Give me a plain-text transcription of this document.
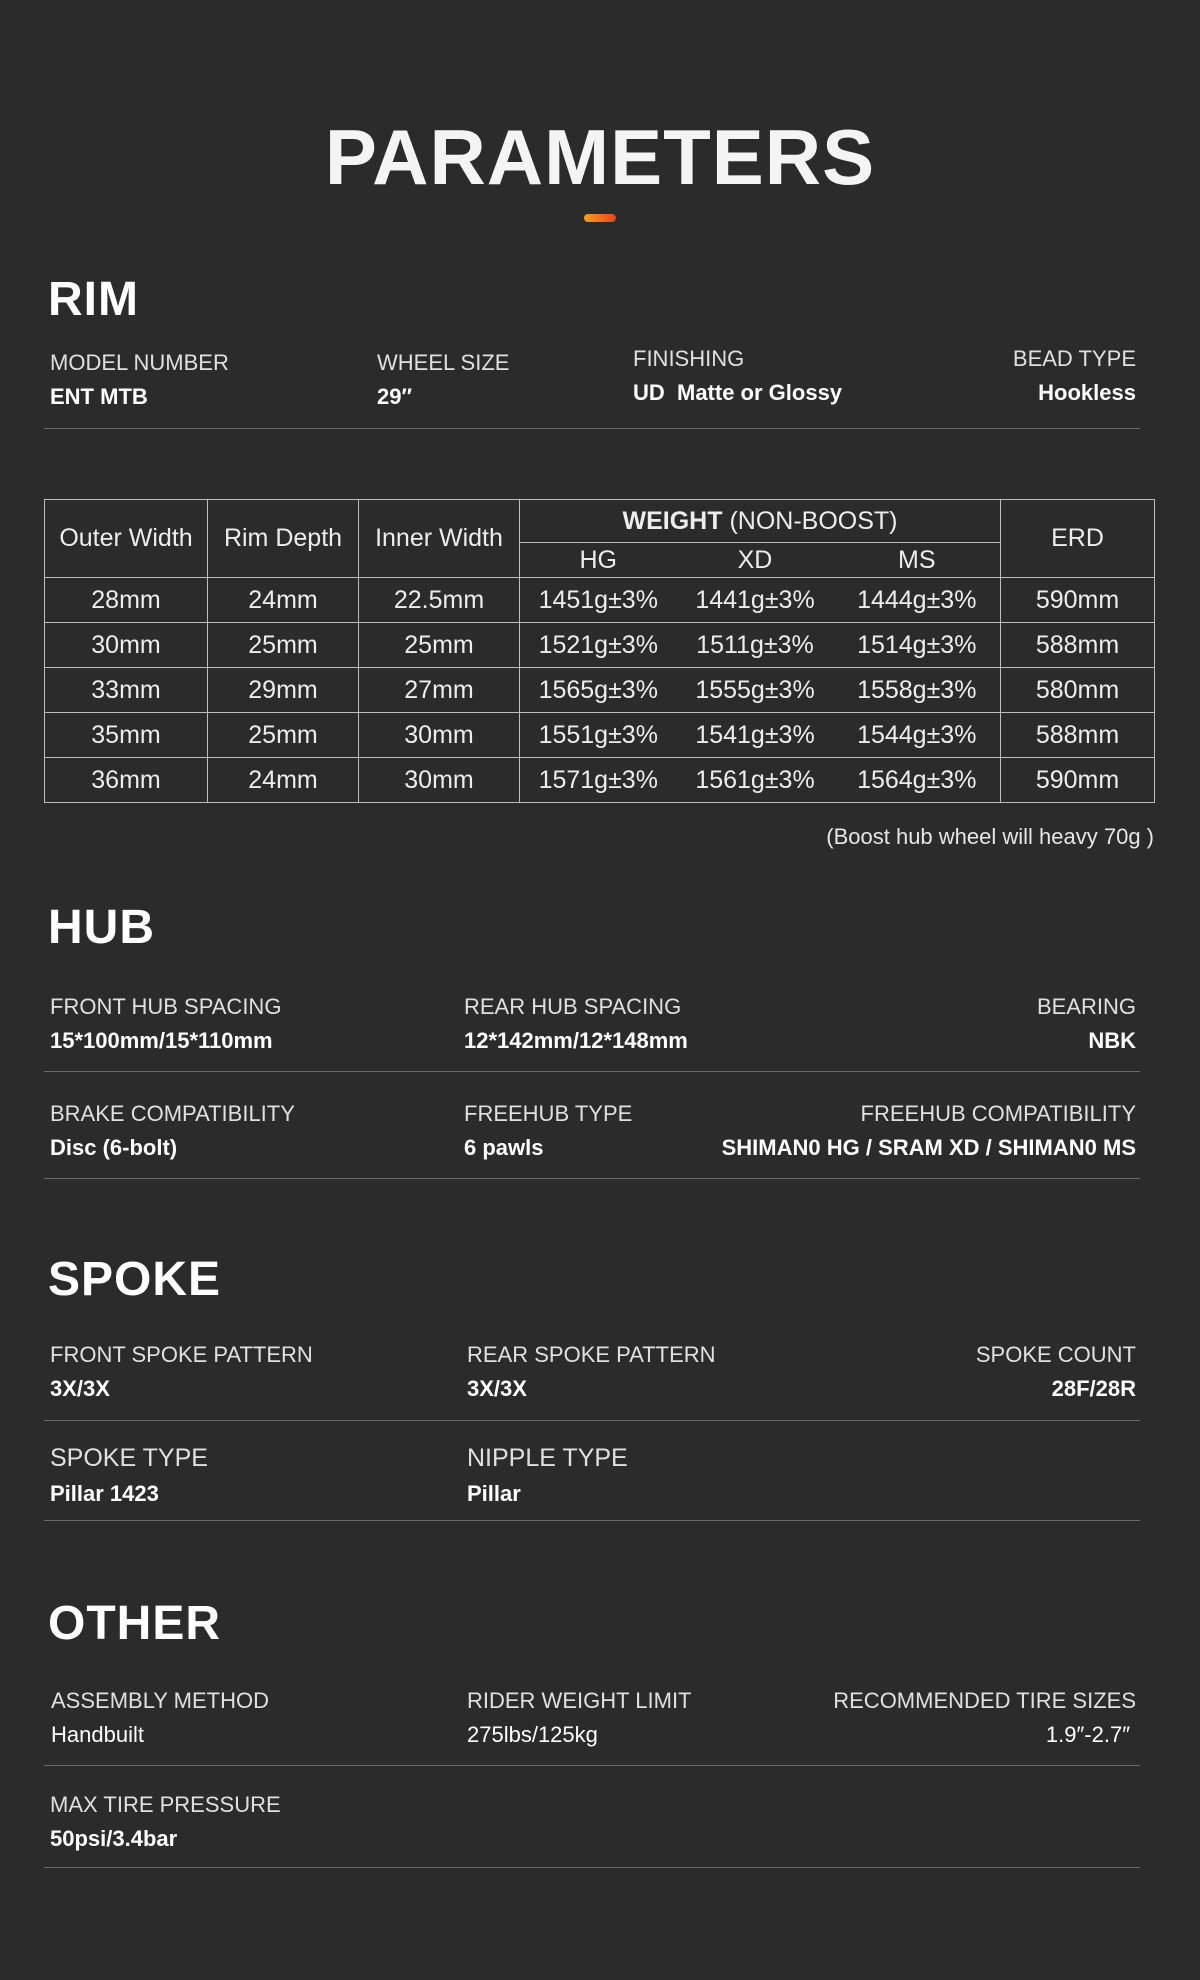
PARAMETERS
RIM
MODEL NUMBER
ENT MTB
WHEEL SIZE
29″
FINISHING
UD  Matte or Glossy
BEAD TYPE
Hookless
Outer Width	Rim Depth	Inner Width	WEIGHT (NON-BOOST)			ERD
			HG	XD	MS	
28mm	24mm	22.5mm	1451g±3%	1441g±3%	1444g±3%	590mm
30mm	25mm	25mm	1521g±3%	1511g±3%	1514g±3%	588mm
33mm	29mm	27mm	1565g±3%	1555g±3%	1558g±3%	580mm
35mm	25mm	30mm	1551g±3%	1541g±3%	1544g±3%	588mm
36mm	24mm	30mm	1571g±3%	1561g±3%	1564g±3%	590mm
(Boost hub wheel will heavy 70g )
HUB
FRONT HUB SPACING
15*100mm/15*110mm
REAR HUB SPACING
12*142mm/12*148mm
BEARING
NBK
BRAKE COMPATIBILITY
Disc (6-bolt)
FREEHUB TYPE
6 pawls
FREEHUB COMPATIBILITY
SHIMAN0 HG / SRAM XD / SHIMAN0 MS
SPOKE
FRONT SPOKE PATTERN
3X/3X
REAR SPOKE PATTERN
3X/3X
SPOKE COUNT
28F/28R
SPOKE TYPE
Pillar 1423
NIPPLE TYPE
Pillar
OTHER
ASSEMBLY METHOD
Handbuilt
RIDER WEIGHT LIMIT
275lbs/125kg
RECOMMENDED TIRE SIZES
1.9″-2.7″
MAX TIRE PRESSURE
50psi/3.4bar
